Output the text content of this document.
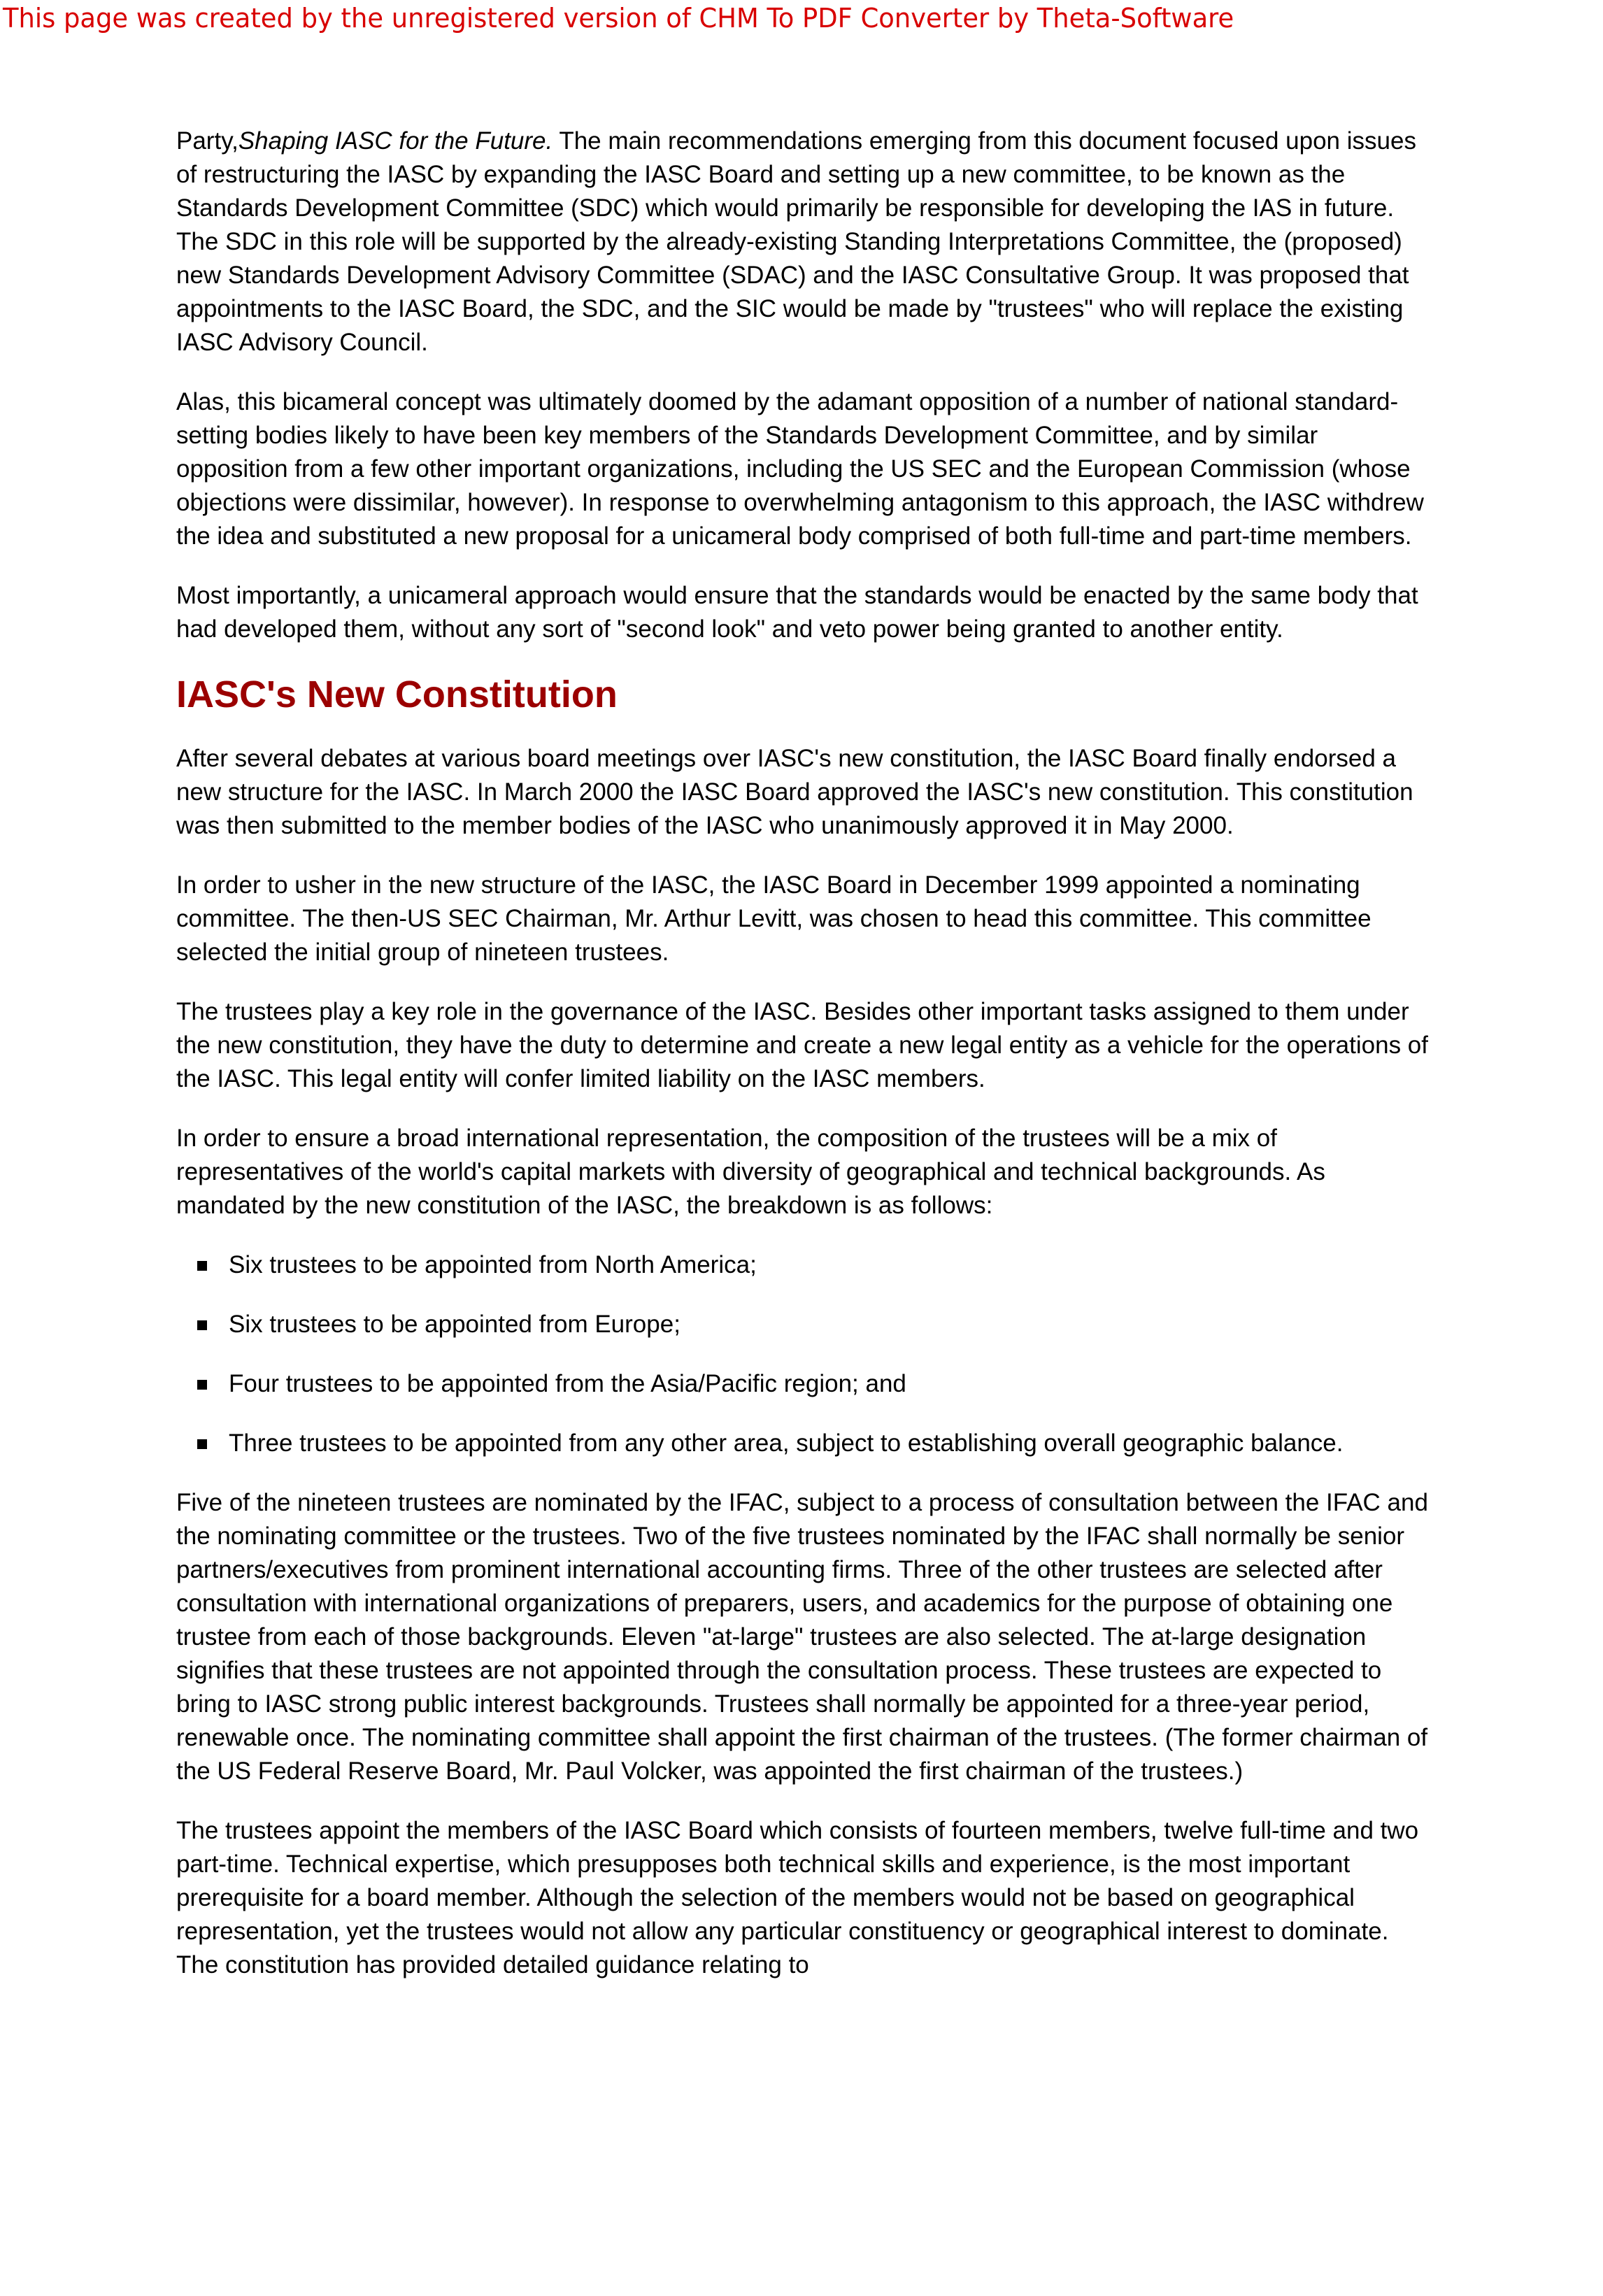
This page was created by the unregistered version of CHM To PDF Converter by Theta-Software

Party,Shaping IASC for the Future. The main recommendations emerging from this document focused upon issues of restructuring the IASC by expanding the IASC Board and setting up a new committee, to be known as the Standards Development Committee (SDC) which would primarily be responsible for developing the IAS in future. The SDC in this role will be supported by the already-existing Standing Interpretations Committee, the (proposed) new Standards Development Advisory Committee (SDAC) and the IASC Consultative Group. It was proposed that appointments to the IASC Board, the SDC, and the SIC would be made by "trustees" who will replace the existing IASC Advisory Council.

Alas, this bicameral concept was ultimately doomed by the adamant opposition of a number of national standard-setting bodies likely to have been key members of the Standards Development Committee, and by similar opposition from a few other important organizations, including the US SEC and the European Commission (whose objections were dissimilar, however). In response to overwhelming antagonism to this approach, the IASC withdrew the idea and substituted a new proposal for a unicameral body comprised of both full-time and part-time members.

Most importantly, a unicameral approach would ensure that the standards would be enacted by the same body that had developed them, without any sort of "second look" and veto power being granted to another entity.

IASC's New Constitution

After several debates at various board meetings over IASC's new constitution, the IASC Board finally endorsed a new structure for the IASC. In March 2000 the IASC Board approved the IASC's new constitution. This constitution was then submitted to the member bodies of the IASC who unanimously approved it in May 2000.

In order to usher in the new structure of the IASC, the IASC Board in December 1999 appointed a nominating committee. The then-US SEC Chairman, Mr. Arthur Levitt, was chosen to head this committee. This committee selected the initial group of nineteen trustees.

The trustees play a key role in the governance of the IASC. Besides other important tasks assigned to them under the new constitution, they have the duty to determine and create a new legal entity as a vehicle for the operations of the IASC. This legal entity will confer limited liability on the IASC members.

In order to ensure a broad international representation, the composition of the trustees will be a mix of representatives of the world's capital markets with diversity of geographical and technical backgrounds. As mandated by the new constitution of the IASC, the breakdown is as follows:

Six trustees to be appointed from North America;
Six trustees to be appointed from Europe;
Four trustees to be appointed from the Asia/Pacific region; and
Three trustees to be appointed from any other area, subject to establishing overall geographic balance.

Five of the nineteen trustees are nominated by the IFAC, subject to a process of consultation between the IFAC and the nominating committee or the trustees. Two of the five trustees nominated by the IFAC shall normally be senior partners/executives from prominent international accounting firms. Three of the other trustees are selected after consultation with international organizations of preparers, users, and academics for the purpose of obtaining one trustee from each of those backgrounds. Eleven "at-large" trustees are also selected. The at-large designation signifies that these trustees are not appointed through the consultation process. These trustees are expected to bring to IASC strong public interest backgrounds. Trustees shall normally be appointed for a three-year period, renewable once. The nominating committee shall appoint the first chairman of the trustees. (The former chairman of the US Federal Reserve Board, Mr. Paul Volcker, was appointed the first chairman of the trustees.)

The trustees appoint the members of the IASC Board which consists of fourteen members, twelve full-time and two part-time. Technical expertise, which presupposes both technical skills and experience, is the most important prerequisite for a board member. Although the selection of the members would not be based on geographical representation, yet the trustees would not allow any particular constituency or geographical interest to dominate. The constitution has provided detailed guidance relating to
